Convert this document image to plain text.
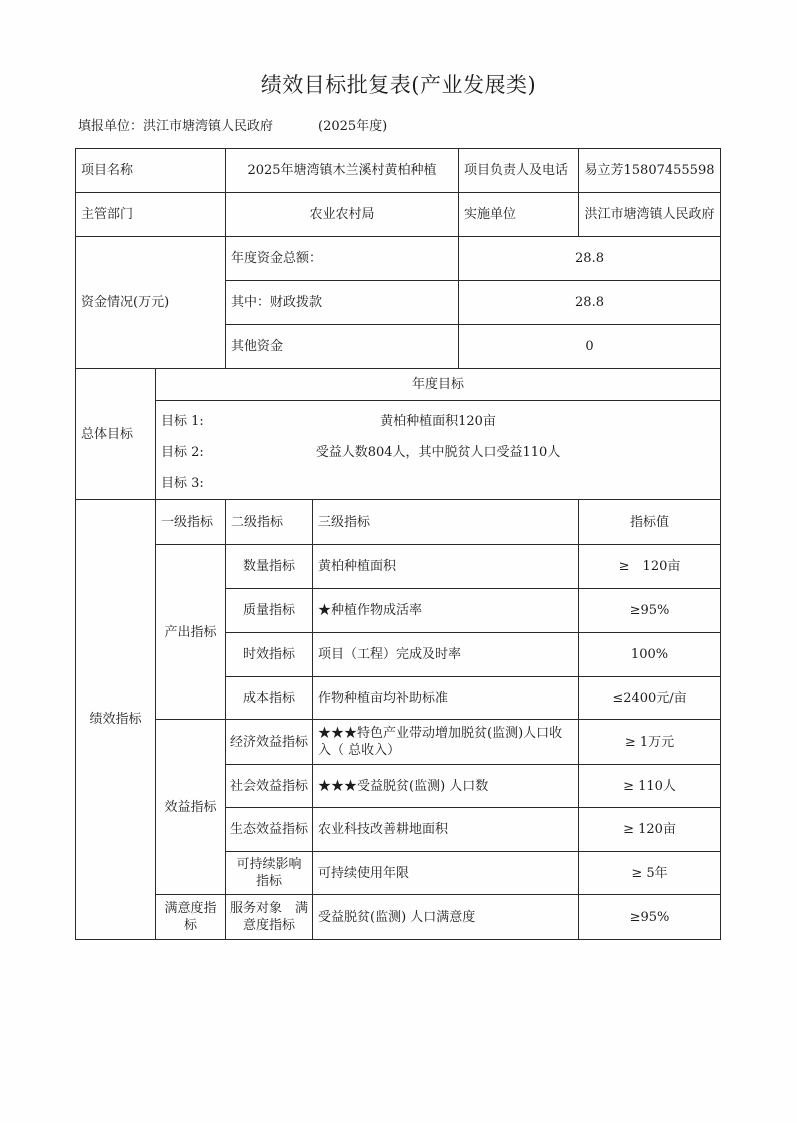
绩效目标批复表(产业发展类)
填报单位：洪江市塘湾镇人民政府	(2025年度)
项目名称		2025年塘湾镇木兰溪村黄柏种植		项目负责人及电话	易立芳15807455598
主管部门		农业农村局		实施单位	洪江市塘湾镇人民政府
资金情况(万元)		年度资金总额：		28.8	
		其中：财政拨款		28.8	
		其他资金		0	
总体目标	年度目标				

	目标 1: 黄柏种植面积120亩
目标 2: 受益人数804人，其中脱贫人口受益110人
目标 3:				

绩效指标	一级指标	二级指标	三级指标		指标值
	产出指标	数量指标	黄柏种植面积		≥　120亩
		质量指标	★种植作物成活率		≥95%
		时效指标	项目（工程）完成及时率		100%
		成本指标	作物种植亩均补助标准		≤2400元/亩
	效益指标	经济效益指标	★★★特色产业带动增加脱贫(监测)人口收入（ 总收入）		≥ 1万元
		社会效益指标	★★★受益脱贫(监测) 人口数		≥ 110人
		生态效益指标	农业科技改善耕地面积		≥ 120亩
		可持续影响指标	可持续使用年限		≥ 5年
	满意度指标	服务对象　满意度指标	受益脱贫(监测) 人口满意度		≥95%
